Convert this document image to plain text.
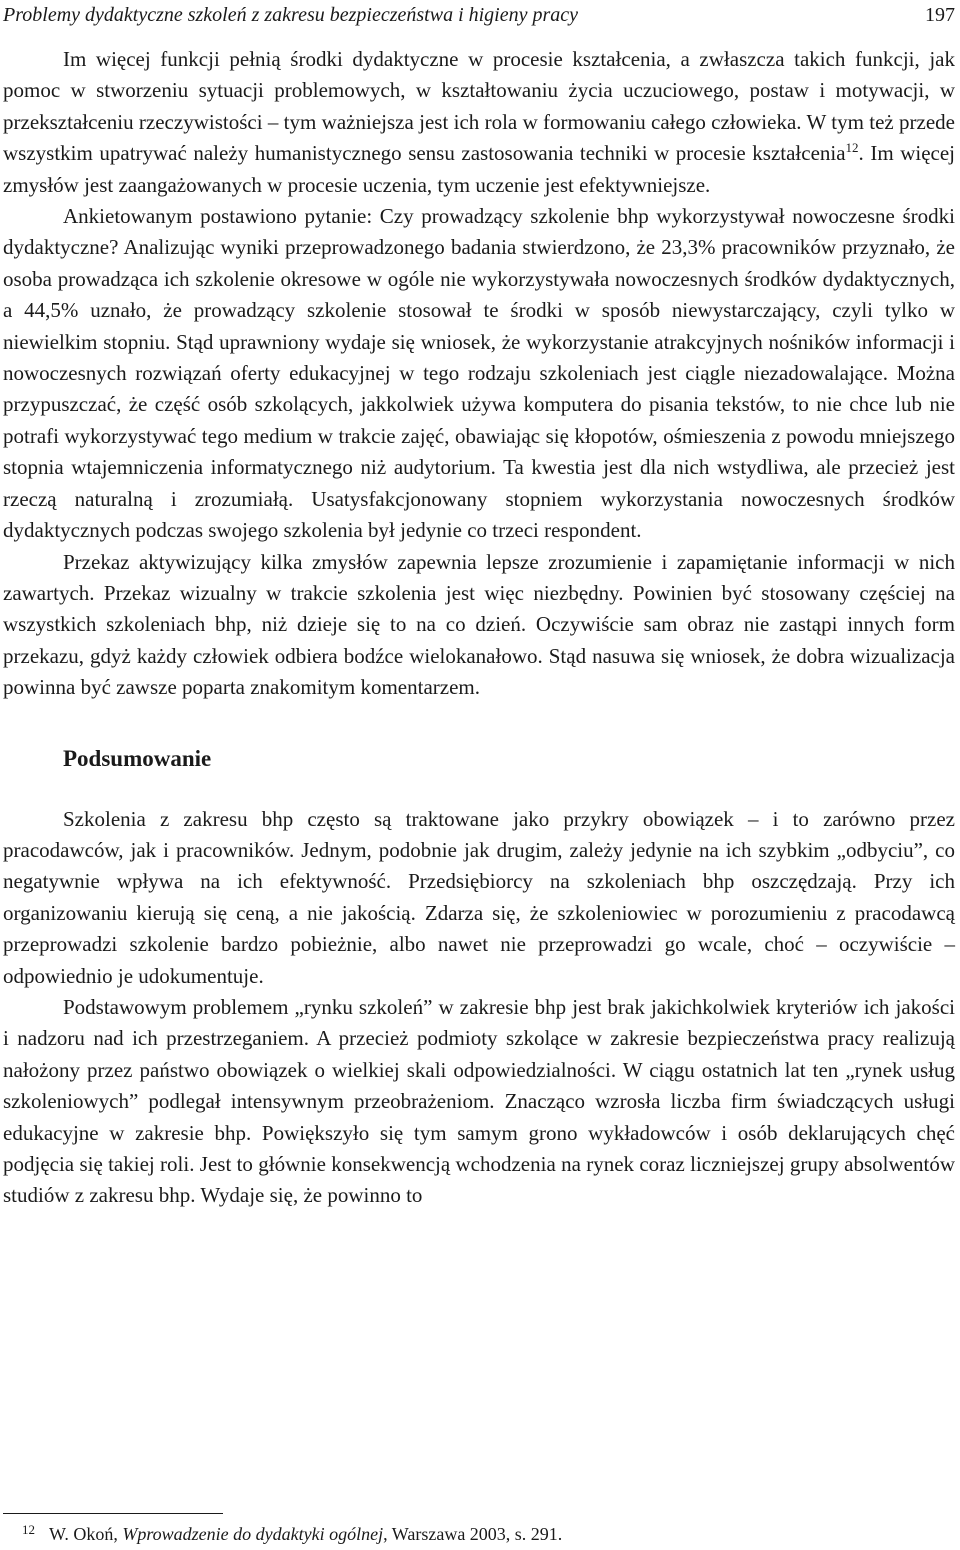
Problemy dydaktyczne szkoleń z zakresu bezpieczeństwa i higieny pracy	197

Im więcej funkcji pełnią środki dydaktyczne w procesie kształcenia, a zwłaszcza takich funkcji, jak pomoc w stworzeniu sytuacji problemowych, w kształtowaniu życia uczuciowego, postaw i motywacji, w przekształceniu rzeczywistości – tym ważniejsza jest ich rola w formowaniu całego człowieka. W tym też przede wszystkim upatrywać należy humanistycznego sensu zastosowania techniki w procesie kształcenia$^{12}$. Im więcej zmysłów jest zaangażowanych w procesie uczenia, tym uczenie jest efektywniejsze.

Ankietowanym postawiono pytanie: Czy prowadzący szkolenie bhp wykorzystywał nowoczesne środki dydaktyczne? Analizując wyniki przeprowadzonego badania stwierdzono, że 23,3% pracowników przyznało, że osoba prowadząca ich szkolenie okresowe w ogóle nie wykorzystywała nowoczesnych środków dydaktycznych, a 44,5% uznało, że prowadzący szkolenie stosował te środki w sposób niewystarczający, czyli tylko w niewielkim stopniu. Stąd uprawniony wydaje się wniosek, że wykorzystanie atrakcyjnych nośników informacji i nowoczesnych rozwiązań oferty edukacyjnej w tego rodzaju szkoleniach jest ciągle niezadowalające. Można przypuszczać, że część osób szkolących, jakkolwiek używa komputera do pisania tekstów, to nie chce lub nie potrafi wykorzystywać tego medium w trakcie zajęć, obawiając się kłopotów, ośmieszenia z powodu mniejszego stopnia wtajemniczenia informatycznego niż audytorium. Ta kwestia jest dla nich wstydliwa, ale przecież jest rzeczą naturalną i zrozumiałą. Usatysfakcjonowany stopniem wykorzystania nowoczesnych środków dydaktycznych podczas swojego szkolenia był jedynie co trzeci respondent.

Przekaz aktywizujący kilka zmysłów zapewnia lepsze zrozumienie i zapamiętanie informacji w nich zawartych. Przekaz wizualny w trakcie szkolenia jest więc niezbędny. Powinien być stosowany częściej na wszystkich szkoleniach bhp, niż dzieje się to na co dzień. Oczywiście sam obraz nie zastąpi innych form przekazu, gdyż każdy człowiek odbiera bodźce wielokanałowo. Stąd nasuwa się wniosek, że dobra wizualizacja powinna być zawsze poparta znakomitym komentarzem.

Podsumowanie

Szkolenia z zakresu bhp często są traktowane jako przykry obowiązek – i to zarówno przez pracodawców, jak i pracowników. Jednym, podobnie jak drugim, zależy jedynie na ich szybkim „odbyciu”, co negatywnie wpływa na ich efektywność. Przedsiębiorcy na szkoleniach bhp oszczędzają. Przy ich organizowaniu kierują się ceną, a nie jakością. Zdarza się, że szkoleniowiec w porozumieniu z pracodawcą przeprowadzi szkolenie bardzo pobieżnie, albo nawet nie przeprowadzi go wcale, choć – oczywiście – odpowiednio je udokumentuje.

Podstawowym problemem „rynku szkoleń” w zakresie bhp jest brak jakichkolwiek kryteriów ich jakości i nadzoru nad ich przestrzeganiem. A przecież podmioty szkolące w zakresie bezpieczeństwa pracy realizują nałożony przez państwo obowiązek o wielkiej skali odpowiedzialności. W ciągu ostatnich lat ten „rynek usług szkoleniowych” podlegał intensywnym przeobrażeniom. Znacząco wzrosła liczba firm świadczących usługi edukacyjne w zakresie bhp. Powiększyło się tym samym grono wykładowców i osób deklarujących chęć podjęcia się takiej roli. Jest to głównie konsekwencją wchodzenia na rynek coraz liczniejszej grupy absolwentów studiów z zakresu bhp. Wydaje się, że powinno to

$^{12}$ W. Okoń, Wprowadzenie do dydaktyki ogólnej, Warszawa 2003, s. 291.
